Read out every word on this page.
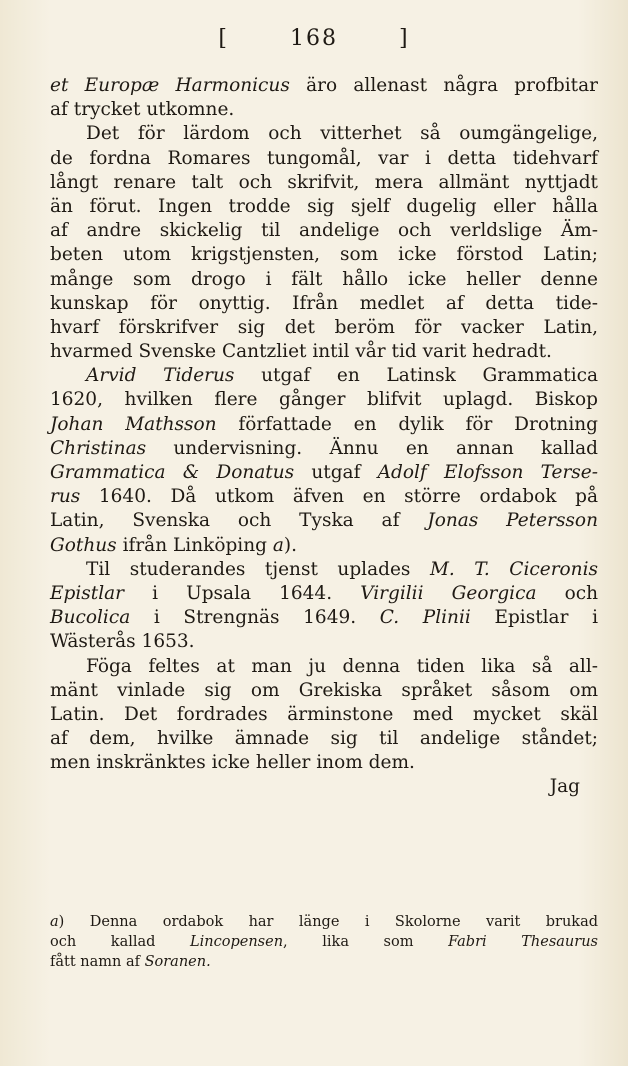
[	168	]
et Europæ Harmonicus äro allenast några profbitar
af trycket utkomne.
Det för lärdom och vitterhet så oumgängelige,
de fordna Romares tungomål, var i detta tidehvarf
långt renare talt och skrifvit, mera allmänt nyttjadt
än förut. Ingen trodde sig sjelf dugelig eller hålla
af andre skickelig til andelige och verldslige Äm-
beten utom krigstjensten, som icke förstod Latin;
månge som drogo i fält hållo icke heller denne
kunskap för onyttig. Ifrån medlet af detta tide-
hvarf förskrifver sig det beröm för vacker Latin,
hvarmed Svenske Cantzliet intil vår tid varit hedradt.
Arvid Tiderus utgaf en Latinsk Grammatica
1620, hvilken flere gånger blifvit uplagd. Biskop
Johan Mathsson författade en dylik för Drotning
Christinas undervisning. Ännu en annan kallad
Grammatica & Donatus utgaf Adolf Elofsson Terse-
rus 1640. Då utkom äfven en större ordabok på
Latin, Svenska och Tyska af Jonas Petersson
Gothus ifrån Linköping a).
Til studerandes tjenst uplades M. T. Ciceronis
Epistlar i Upsala 1644. Virgilii Georgica och
Bucolica i Strengnäs 1649. C. Plinii Epistlar i
Wästerås 1653.
Föga feltes at man ju denna tiden lika så all-
mänt vinlade sig om Grekiska språket såsom om
Latin. Det fordrades ärminstone med mycket skäl
af dem, hvilke ämnade sig til andelige ståndet;
men inskränktes icke heller inom dem.
Jag
a) Denna ordabok har länge i Skolorne varit brukad
och kallad Lincopensen, lika som Fabri Thesaurus
fått namn af Soranen.
